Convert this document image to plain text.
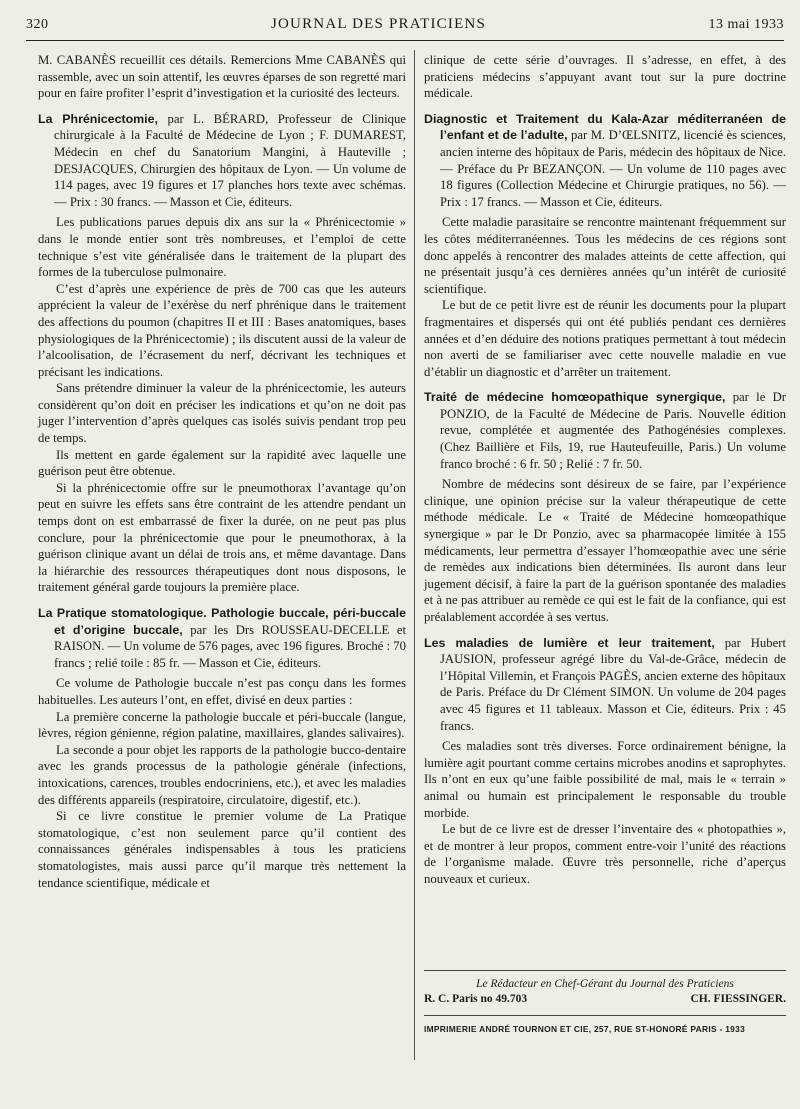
320	JOURNAL DES PRATICIENS	13 mai 1933

M. CABANÈS recueillit ces détails. Remercions Mme CABANÈS qui rassemble, avec un soin attentif, les œuvres éparses de son regretté mari pour en faire profiter l’esprit d’investigation et la curiosité des lecteurs.

La Phrénicectomie, par L. BÉRARD, Professeur de Clinique chirurgicale à la Faculté de Médecine de Lyon ; F. DUMAREST, Médecin en chef du Sanatorium Mangini, à Hauteville ; DESJACQUES, Chirurgien des hôpitaux de Lyon. — Un volume de 114 pages, avec 19 figures et 17 planches hors texte avec schémas. — Prix : 30 francs. — Masson et Cie, éditeurs.

Les publications parues depuis dix ans sur la « Phrénicectomie » dans le monde entier sont très nombreuses, et l’emploi de cette technique s’est vite généralisée dans le traitement de la plupart des formes de la tuberculose pulmonaire.

C’est d’après une expérience de près de 700 cas que les auteurs apprécient la valeur de l’exérèse du nerf phrénique dans le traitement des affections du poumon (chapitres II et III : Bases anatomiques, bases physiologiques de la Phrénicectomie) ; ils discutent aussi de la valeur de l’alcoolisation, de l’écrasement du nerf, décrivant les techniques et précisant les indications.

Sans prétendre diminuer la valeur de la phrénicectomie, les auteurs considèrent qu’on doit en préciser les indications et qu’on ne doit pas juger l’intervention d’après quelques cas isolés suivis pendant trop peu de temps.

Ils mettent en garde également sur la rapidité avec laquelle une guérison peut être obtenue.

Si la phrénicectomie offre sur le pneumothorax l’avantage qu’on peut en suivre les effets sans être contraint de les attendre pendant un temps dont on est embarrassé de fixer la durée, on ne peut pas plus conclure, pour la phrénicectomie que pour le pneumothorax, à la guérison clinique avant un délai de trois ans, et même davantage. Dans la hiérarchie des ressources thérapeutiques dont nous disposons, le traitement général garde toujours la première place.

La Pratique stomatologique. Pathologie buccale, péri-buccale et d’origine buccale, par les Drs ROUSSEAU-DECELLE et RAISON. — Un volume de 576 pages, avec 196 figures. Broché : 70 francs ; relié toile : 85 fr. — Masson et Cie, éditeurs.

Ce volume de Pathologie buccale n’est pas conçu dans les formes habituelles. Les auteurs l’ont, en effet, divisé en deux parties :

La première concerne la pathologie buccale et péri-buccale (langue, lèvres, région génienne, région palatine, maxillaires, glandes salivaires).

La seconde a pour objet les rapports de la pathologie bucco-dentaire avec les grands processus de la pathologie générale (infections, intoxications, carences, troubles endocriniens, etc.), et avec les maladies des différents appareils (respiratoire, circulatoire, digestif, etc.).

Si ce livre constitue le premier volume de La Pratique stomatologique, c’est non seulement parce qu’il contient des connaissances générales indispensables à tous les praticiens stomatologistes, mais aussi parce qu’il marque très nettement la tendance scientifique, médicale et

clinique de cette série d’ouvrages. Il s’adresse, en effet, à des praticiens médecins s’appuyant avant tout sur la pure doctrine médicale.

Diagnostic et Traitement du Kala-Azar méditerranéen de l’enfant et de l’adulte, par M. D’ŒLSNITZ, licencié ès sciences, ancien interne des hôpitaux de Paris, médecin des hôpitaux de Nice. — Préface du Pr BEZANÇON. — Un volume de 110 pages avec 18 figures (Collection Médecine et Chirurgie pratiques, no 56). — Prix : 17 francs. — Masson et Cie, éditeurs.

Cette maladie parasitaire se rencontre maintenant fréquemment sur les côtes méditerranéennes. Tous les médecins de ces régions sont donc appelés à rencontrer des malades atteints de cette affection, qui ne présentait jusqu’à ces dernières années qu’un intérêt de curiosité scientifique.

Le but de ce petit livre est de réunir les documents pour la plupart fragmentaires et dispersés qui ont été publiés pendant ces dernières années et d’en déduire des notions pratiques permettant à tout médecin non averti de se familiariser avec cette nouvelle maladie en vue d’établir un diagnostic et d’arrêter un traitement.

Traité de médecine homœopathique synergique, par le Dr PONZIO, de la Faculté de Médecine de Paris. Nouvelle édition revue, complétée et augmentée des Pathogénésies complexes. (Chez Baillière et Fils, 19, rue Hauteufeuille, Paris.) Un volume franco broché : 6 fr. 50 ; Relié : 7 fr. 50.

Nombre de médecins sont désireux de se faire, par l’expérience clinique, une opinion précise sur la valeur thérapeutique de cette méthode médicale. Le « Traité de Médecine homœopathique synergique » par le Dr Ponzio, avec sa pharmacopée limitée à 155 médicaments, leur permettra d’essayer l’homœopathie avec une série de remèdes aux indications bien déterminées. Ils auront dans leur jugement décisif, à faire la part de la guérison spontanée des maladies et à ne pas attribuer au remède ce qui est le fait de la confiance, qui est préalablement accordée à ses vertus.

Les maladies de lumière et leur traitement, par Hubert JAUSION, professeur agrégé libre du Val-de-Grâce, médecin de l’Hôpital Villemin, et François PAGÈS, ancien externe des hôpitaux de Paris. Préface du Dr Clément SIMON. Un volume de 204 pages avec 45 figures et 11 tableaux. Masson et Cie, éditeurs. Prix : 45 francs.

Ces maladies sont très diverses. Force ordinairement bénigne, la lumière agit pourtant comme certains microbes anodins et saprophytes. Ils n’ont en eux qu’une faible possibilité de mal, mais le « terrain » animal ou humain est principalement le responsable du trouble morbide.

Le but de ce livre est de dresser l’inventaire des « photopathies », et de montrer à leur propos, comment entre-voir l’unité des réactions de l’organisme malade. Œuvre très personnelle, riche d’aperçus nouveaux et curieux.

Le Rédacteur en Chef-Gérant du Journal des Praticiens
R. C. Paris no 49.703	CH. FIESSINGER.
IMPRIMERIE ANDRÉ TOURNON ET CIE, 257, RUE ST-HONORÉ PARIS - 1933
